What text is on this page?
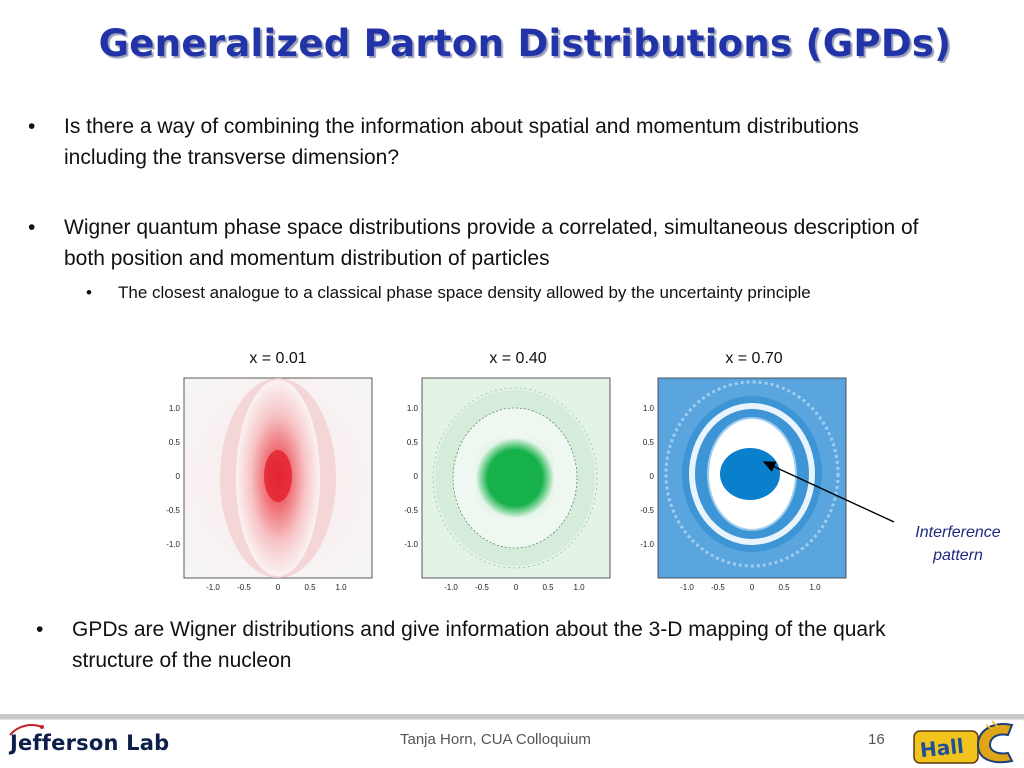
Generalized Parton Distributions (GPDs)
• Is there a way of combining the information about spatial and momentum distributions including the transverse dimension?
• Wigner quantum phase space distributions provide a correlated, simultaneous description of both position and momentum distribution of particles
• The closest analogue to a classical phase space density allowed by the uncertainty principle
x = 0.01	x = 0.40	x = 0.70
-1.0
-1.0
-0.5
-0.5
0
0
0.5
0.5
1.0
1.0
-1.0
-1.0
-0.5
-0.5
0
0
0.5
0.5
1.0
1.0
-1.0
-1.0
-0.5
-0.5
0
0
0.5
0.5
1.0
1.0
Interference
pattern
• GPDs are Wigner distributions and give information about the 3-D mapping of the quark structure of the nucleon
Jefferson Lab	Tanja Horn, CUA Colloquium	16 Hall
